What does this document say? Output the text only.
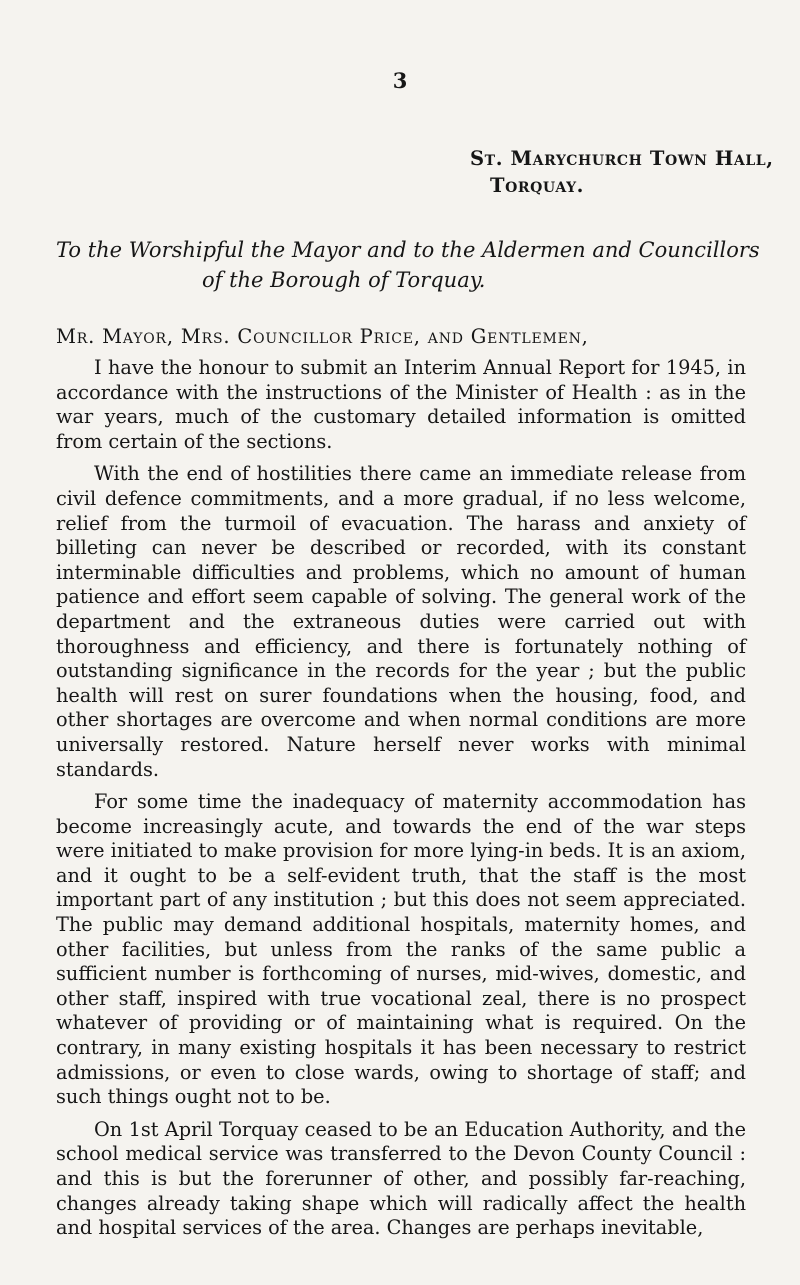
3
St. Marychurch Town Hall,
Torquay.
To the Worshipful the Mayor and to the Aldermen and Councillors
of the Borough of Torquay.
Mr. Mayor, Mrs. Councillor Price, and Gentlemen,

I have the honour to submit an Interim Annual Report for 1945, in accordance with the instructions of the Minister of Health : as in the war years, much of the customary detailed information is omitted from certain of the sections.

With the end of hostilities there came an immediate release from civil defence commitments, and a more gradual, if no less welcome, relief from the turmoil of evacuation. The harass and anxiety of billeting can never be described or recorded, with its constant interminable difficulties and problems, which no amount of human patience and effort seem capable of solving. The general work of the department and the extraneous duties were carried out with thoroughness and efficiency, and there is fortunately nothing of outstanding significance in the records for the year ; but the public health will rest on surer foundations when the housing, food, and other shortages are overcome and when normal conditions are more universally restored. Nature herself never works with minimal standards.

For some time the inadequacy of maternity accommodation has become increasingly acute, and towards the end of the war steps were initiated to make provision for more lying-in beds. It is an axiom, and it ought to be a self-evident truth, that the staff is the most important part of any institution ; but this does not seem appreciated. The public may demand additional hospitals, maternity homes, and other facilities, but unless from the ranks of the same public a sufficient number is forthcoming of nurses, mid-wives, domestic, and other staff, inspired with true vocational zeal, there is no prospect whatever of providing or of maintaining what is required. On the contrary, in many existing hospitals it has been necessary to restrict admissions, or even to close wards, owing to shortage of staff; and such things ought not to be.

On 1st April Torquay ceased to be an Education Authority, and the school medical service was transferred to the Devon County Council : and this is but the forerunner of other, and possibly far-reaching, changes already taking shape which will radically affect the health and hospital services of the area. Changes are perhaps inevitable,
